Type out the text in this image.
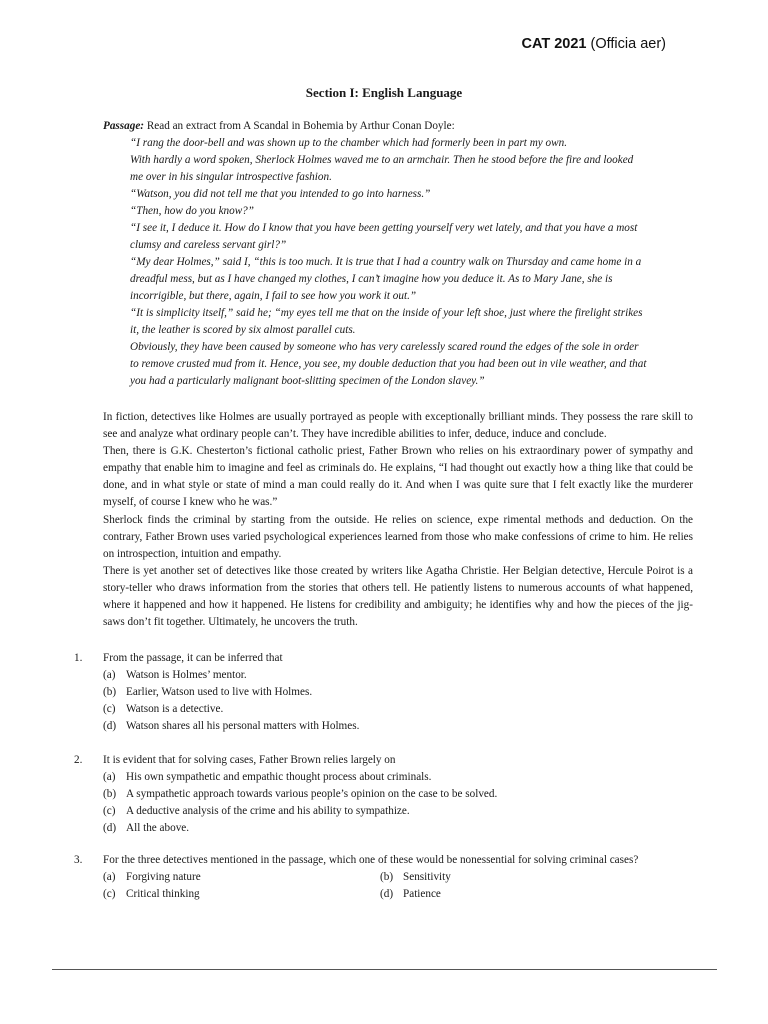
CAT 2021 (Officia aer)
Section I: English Language
Passage: Read an extract from A Scandal in Bohemia by Arthur Conan Doyle:
“I rang the door-bell and was shown up to the chamber which had formerly been in part my own.
With hardly a word spoken, Sherlock Holmes waved me to an armchair. Then he stood before the fire and looked
me over in his singular introspective fashion.
“Watson, you did not tell me that you intended to go into harness.”
“Then, how do you know?”
“I see it, I deduce it. How do I know that you have been getting yourself very wet lately, and that you have a most
clumsy and careless servant girl?”
“My dear Holmes,” said I, “this is too much. It is true that I had a country walk on Thursday and came home in a
dreadful mess, but as I have changed my clothes, I can’t imagine how you deduce it. As to Mary Jane, she is
incorrigible, but there, again, I fail to see how you work it out.”
“It is simplicity itself,” said he; “my eyes tell me that on the inside of your left shoe, just where the firelight strikes
it, the leather is scored by six almost parallel cuts.
Obviously, they have been caused by someone who has very carelessly scared round the edges of the sole in order
to remove crusted mud from it. Hence, you see, my double deduction that you had been out in vile weather, and that
you had a particularly malignant boot-slitting specimen of the London slavey.”

In fiction, detectives like Holmes are usually portrayed as people with exceptionally brilliant minds. They possess the rare skill to see and analyze what ordinary people can’t. They have incredible abilities to infer, deduce, induce and conclude.

Then, there is G.K. Chesterton’s fictional catholic priest, Father Brown who relies on his extraordinary power of sympathy and empathy that enable him to imagine and feel as criminals do. He explains, “I had thought out exactly how a thing like that could be done, and in what style or state of mind a man could really do it. And when I was quite sure that I felt exactly like the murderer myself, of course I knew who he was.”

Sherlock finds the criminal by starting from the outside. He relies on science, expe rimental methods and deduction. On the contrary, Father Brown uses varied psychological experiences learned from those who make confessions of crime to him. He relies on introspection, intuition and empathy.

There is yet another set of detectives like those created by writers like Agatha Christie. Her Belgian detective, Hercule Poirot is a story-teller who draws information from the stories that others tell. He patiently listens to numerous accounts of what happened, where it happened and how it happened. He listens for credibility and ambiguity; he identifies why and how the pieces of the jig-saws don’t fit together. Ultimately, he uncovers the truth.

1. From the passage, it can be inferred that
(a) Watson is Holmes’ mentor.
(b) Earlier, Watson used to live with Holmes.
(c) Watson is a detective.
(d) Watson shares all his personal matters with Holmes.
2. It is evident that for solving cases, Father Brown relies largely on
(a) His own sympathetic and empathic thought process about criminals.
(b) A sympathetic approach towards various people’s opinion on the case to be solved.
(c) A deductive analysis of the crime and his ability to sympathize.
(d) All the above.
3. For the three detectives mentioned in the passage, which one of these would be nonessential for solving criminal cases?
(a) Forgiving nature	(b) Sensitivity
(c) Critical thinking	(d) Patience
